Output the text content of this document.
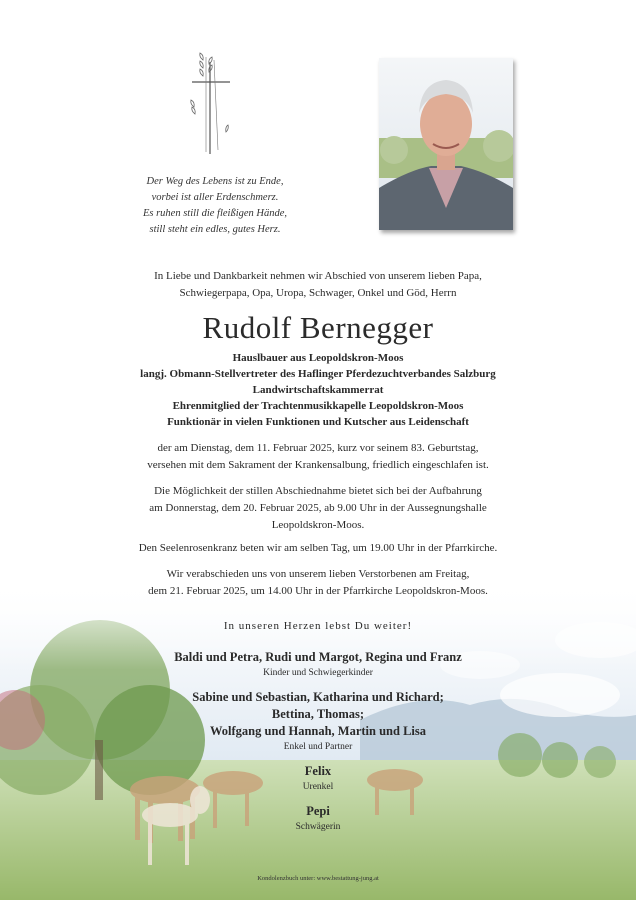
Der Weg des Lebens ist zu Ende,
vorbei ist aller Erdenschmerz.
Es ruhen still die fleißigen Hände,
still steht ein edles, gutes Herz.
In Liebe und Dankbarkeit nehmen wir Abschied von unserem lieben Papa,
Schwiegerpapa, Opa, Uropa, Schwager, Onkel und Göd, Herrn
Rudolf Bernegger
Hauslbauer aus Leopoldskron-Moos
langj. Obmann-Stellvertreter des Haflinger Pferdezuchtverbandes Salzburg
Landwirtschaftskammerrat
Ehrenmitglied der Trachtenmusikkapelle Leopoldskron-Moos
Funktionär in vielen Funktionen und Kutscher aus Leidenschaft
der am Dienstag, dem 11. Februar 2025, kurz vor seinem 83. Geburtstag,
versehen mit dem Sakrament der Krankensalbung, friedlich eingeschlafen ist.
Die Möglichkeit der stillen Abschiednahme bietet sich bei der Aufbahrung
am Donnerstag, dem 20. Februar 2025, ab 9.00 Uhr in der Aussegnungshalle
Leopoldskron-Moos.
Den Seelenrosenkranz beten wir am selben Tag, um 19.00 Uhr in der Pfarrkirche.
Wir verabschieden uns von unserem lieben Verstorbenen am Freitag,
dem 21. Februar 2025, um 14.00 Uhr in der Pfarrkirche Leopoldskron-Moos.
In unseren Herzen lebst Du weiter!
Baldi und Petra, Rudi und Margot, Regina und Franz
Kinder und Schwiegerkinder
Sabine und Sebastian, Katharina und Richard;
Bettina, Thomas;
Wolfgang und Hannah, Martin und Lisa
Enkel und Partner
Felix
Urenkel
Pepi
Schwägerin
Kondolenzbuch unter: www.bestattung-jung.at
